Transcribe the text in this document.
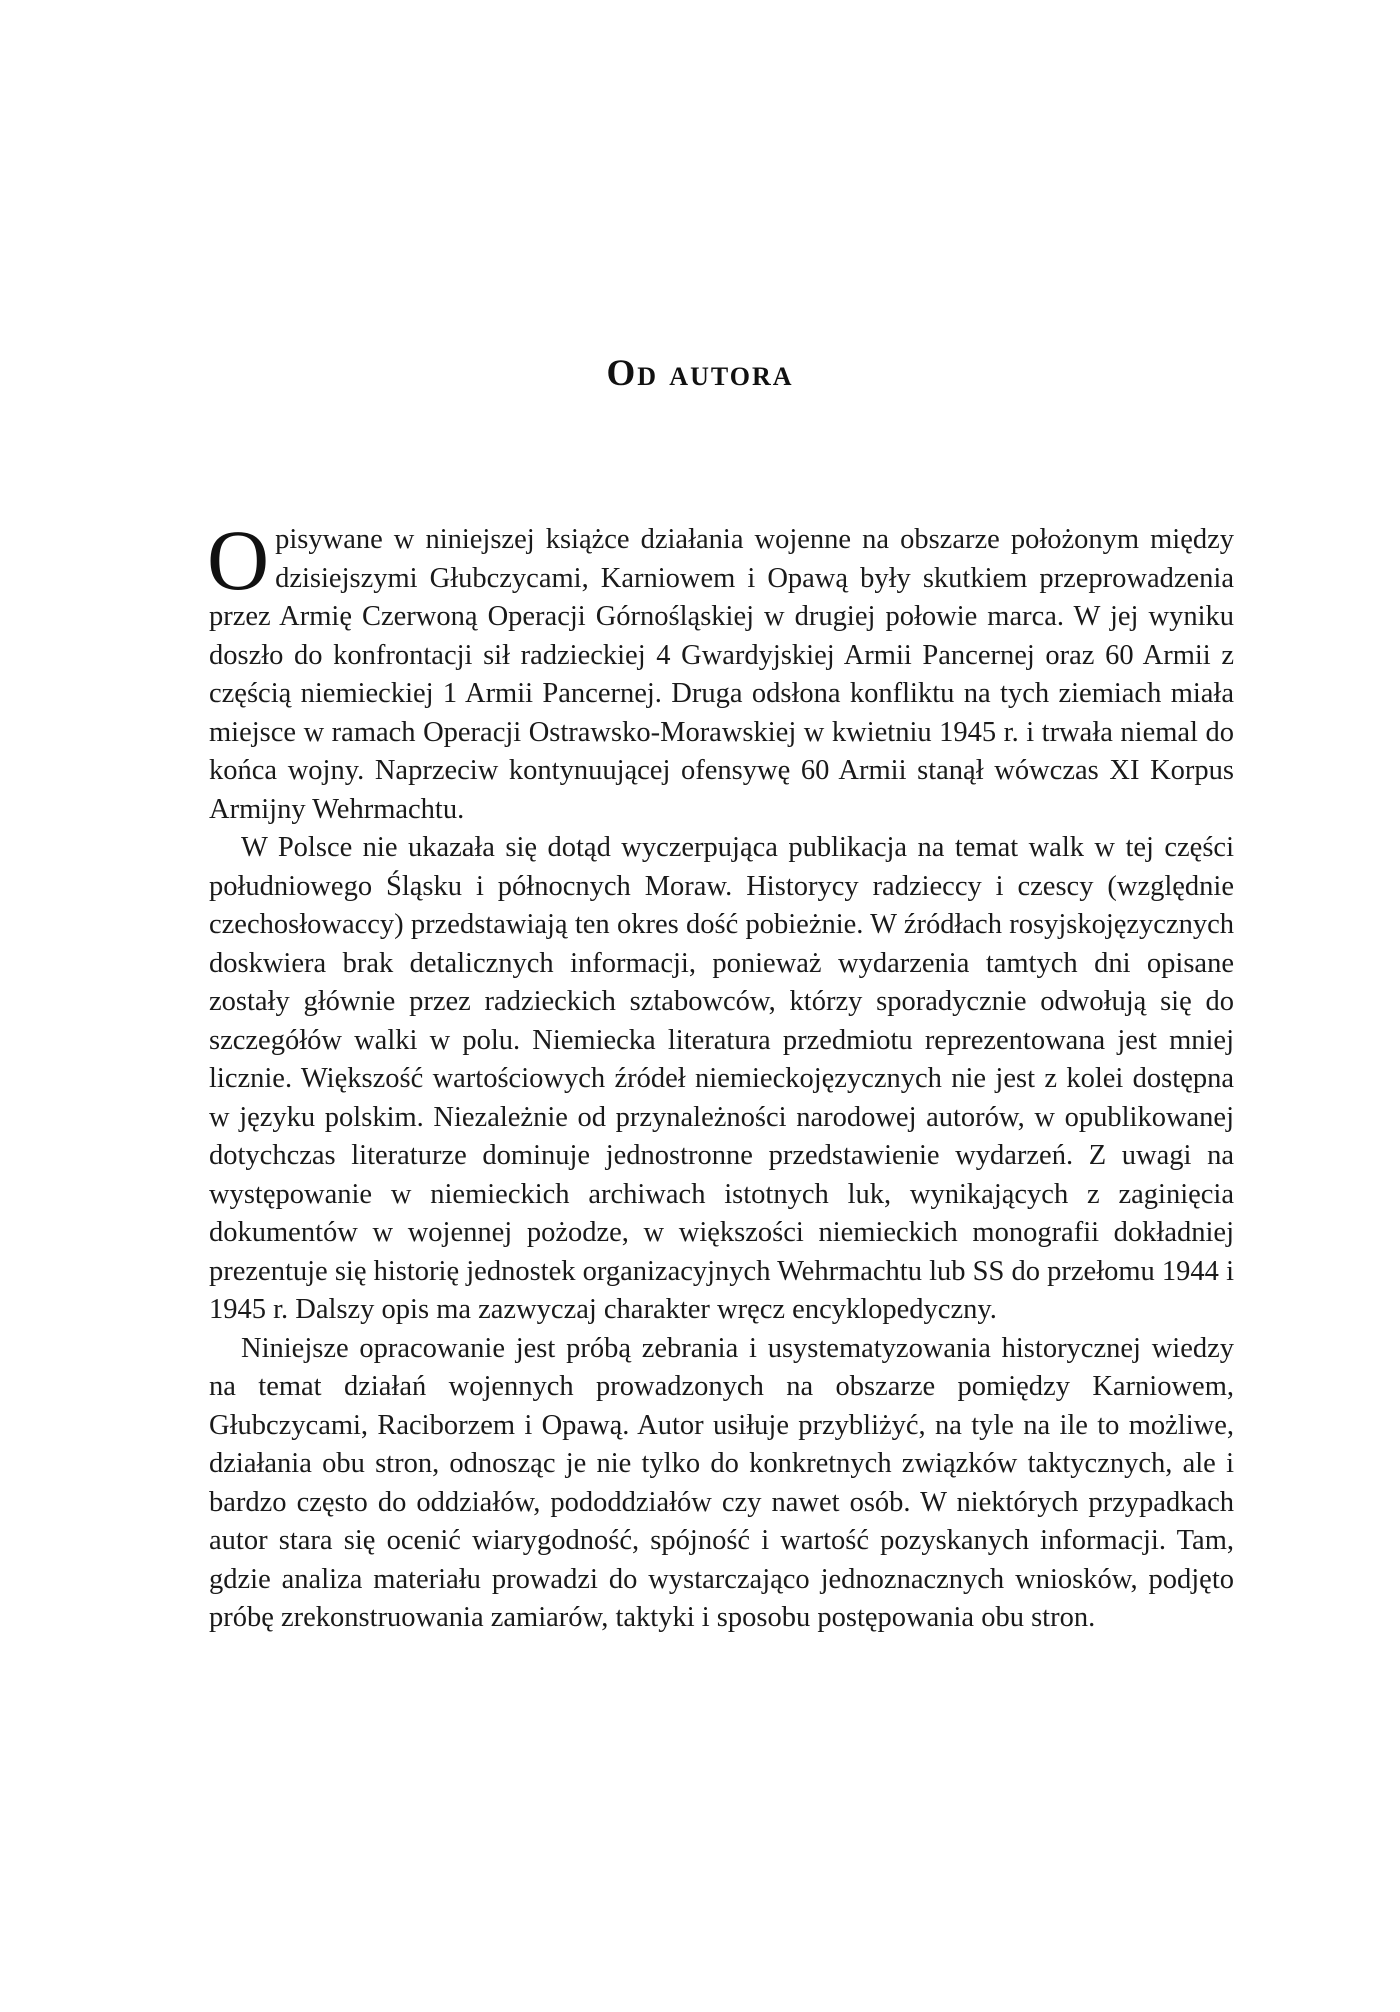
Od autora

Opisywane w niniejszej książce działania wojenne na obszarze położonym między dzisiejszymi Głubczycami, Karniowem i Opawą były skutkiem przeprowadzenia przez Armię Czerwoną Operacji Górnośląskiej w drugiej połowie marca. W jej wyniku doszło do konfrontacji sił radzieckiej 4 Gwardyjskiej Armii Pancernej oraz 60 Armii z częścią niemieckiej 1 Armii Pancernej. Druga odsłona konfliktu na tych ziemiach miała miejsce w ramach Operacji Ostrawsko-Morawskiej w kwietniu 1945 r. i trwała niemal do końca wojny. Naprzeciw kontynuującej ofensywę 60 Armii stanął wówczas XI Korpus Armijny Wehrmachtu.

W Polsce nie ukazała się dotąd wyczerpująca publikacja na temat walk w tej części południowego Śląsku i północnych Moraw. Historycy radzieccy i czescy (względnie czechosłowaccy) przedstawiają ten okres dość pobieżnie. W źródłach rosyjskojęzycznych doskwiera brak detalicznych informacji, ponieważ wydarzenia tamtych dni opisane zostały głównie przez radzieckich sztabowców, którzy sporadycznie odwołują się do szczegółów walki w polu. Niemiecka literatura przedmiotu reprezentowana jest mniej licznie. Większość wartościowych źródeł niemieckojęzycznych nie jest z kolei dostępna w języku polskim. Niezależnie od przynależności narodowej autorów, w opublikowanej dotychczas literaturze dominuje jednostronne przedstawienie wydarzeń. Z uwagi na występowanie w niemieckich archiwach istotnych luk, wynikających z zaginięcia dokumentów w wojennej pożodze, w większości niemieckich monografii dokładniej prezentuje się historię jednostek organizacyjnych Wehrmachtu lub SS do przełomu 1944 i 1945 r. Dalszy opis ma zazwyczaj charakter wręcz encyklopedyczny.

Niniejsze opracowanie jest próbą zebrania i usystematyzowania historycznej wiedzy na temat działań wojennych prowadzonych na obszarze pomiędzy Karniowem, Głubczycami, Raciborzem i Opawą. Autor usiłuje przybliżyć, na tyle na ile to możliwe, działania obu stron, odnosząc je nie tylko do konkretnych związków taktycznych, ale i bardzo często do oddziałów, pododdziałów czy nawet osób. W niektórych przypadkach autor stara się ocenić wiarygodność, spójność i wartość pozyskanych informacji. Tam, gdzie analiza materiału prowadzi do wystarczająco jednoznacznych wniosków, podjęto próbę zrekonstruowania zamiarów, taktyki i sposobu postępowania obu stron.
